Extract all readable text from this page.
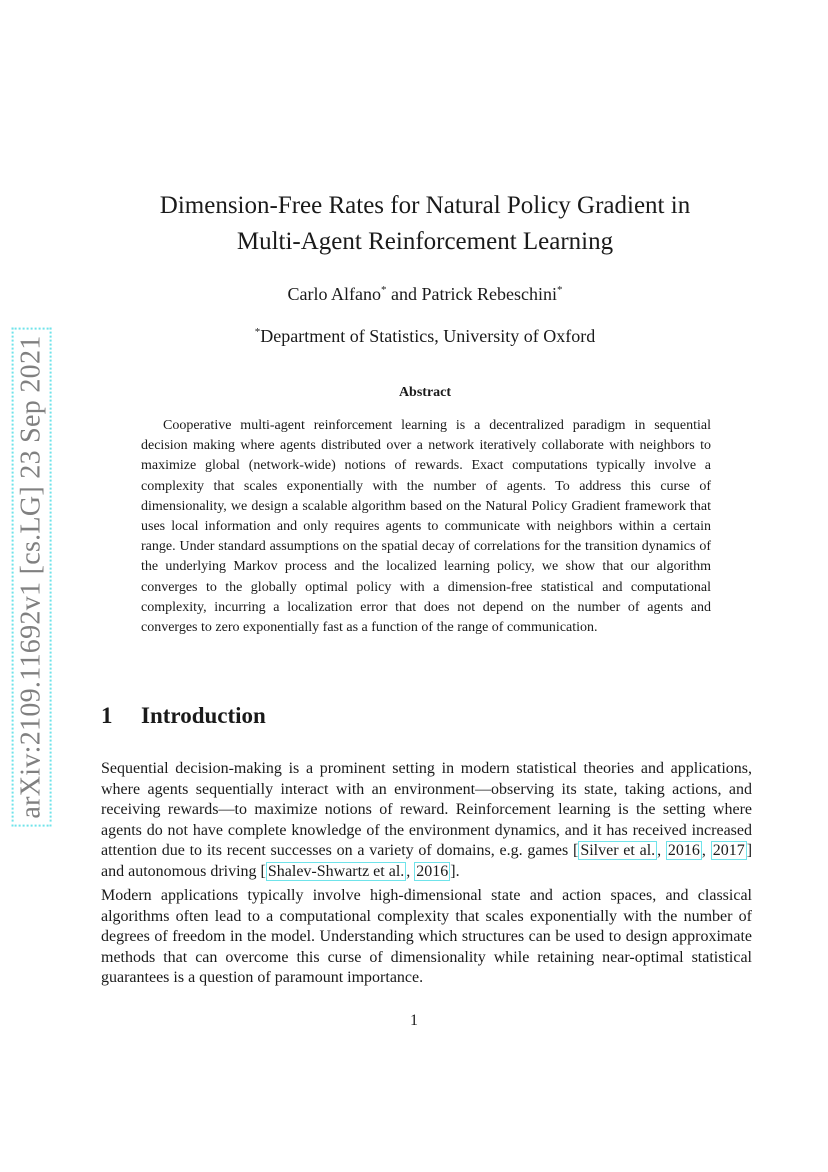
arXiv:2109.11692v1 [cs.LG] 23 Sep 2021
Dimension-Free Rates for Natural Policy Gradient in
Multi-Agent Reinforcement Learning
Carlo Alfano* and Patrick Rebeschini*
*Department of Statistics, University of Oxford
Abstract

Cooperative multi-agent reinforcement learning is a decentralized paradigm in sequential decision making where agents distributed over a network iteratively collaborate with neighbors to maximize global (network-wide) notions of rewards. Exact computations typically involve a complexity that scales exponentially with the number of agents. To address this curse of dimensionality, we design a scalable algorithm based on the Natural Policy Gradient framework that uses local information and only requires agents to communicate with neighbors within a certain range. Under standard assumptions on the spatial decay of correlations for the transition dynamics of the underlying Markov process and the localized learning policy, we show that our algorithm converges to the globally optimal policy with a dimension-free statistical and computational complexity, incurring a localization error that does not depend on the number of agents and converges to zero exponentially fast as a function of the range of communication.

1	Introduction

Sequential decision-making is a prominent setting in modern statistical theories and applications, where agents sequentially interact with an environment—observing its state, taking actions, and receiving rewards—to maximize notions of reward. Reinforcement learning is the setting where agents do not have complete knowledge of the environment dynamics, and it has received increased attention due to its recent successes on a variety of domains, e.g. games [ Silver et al. , 2016 , 2017 ] and autonomous driving [ Shalev-Shwartz et al. , 2016 ].

Modern applications typically involve high-dimensional state and action spaces, and classical algorithms often lead to a computational complexity that scales exponentially with the number of degrees of freedom in the model. Understanding which structures can be used to design approximate methods that can overcome this curse of dimensionality while retaining near-optimal statistical guarantees is a question of paramount importance.

1
